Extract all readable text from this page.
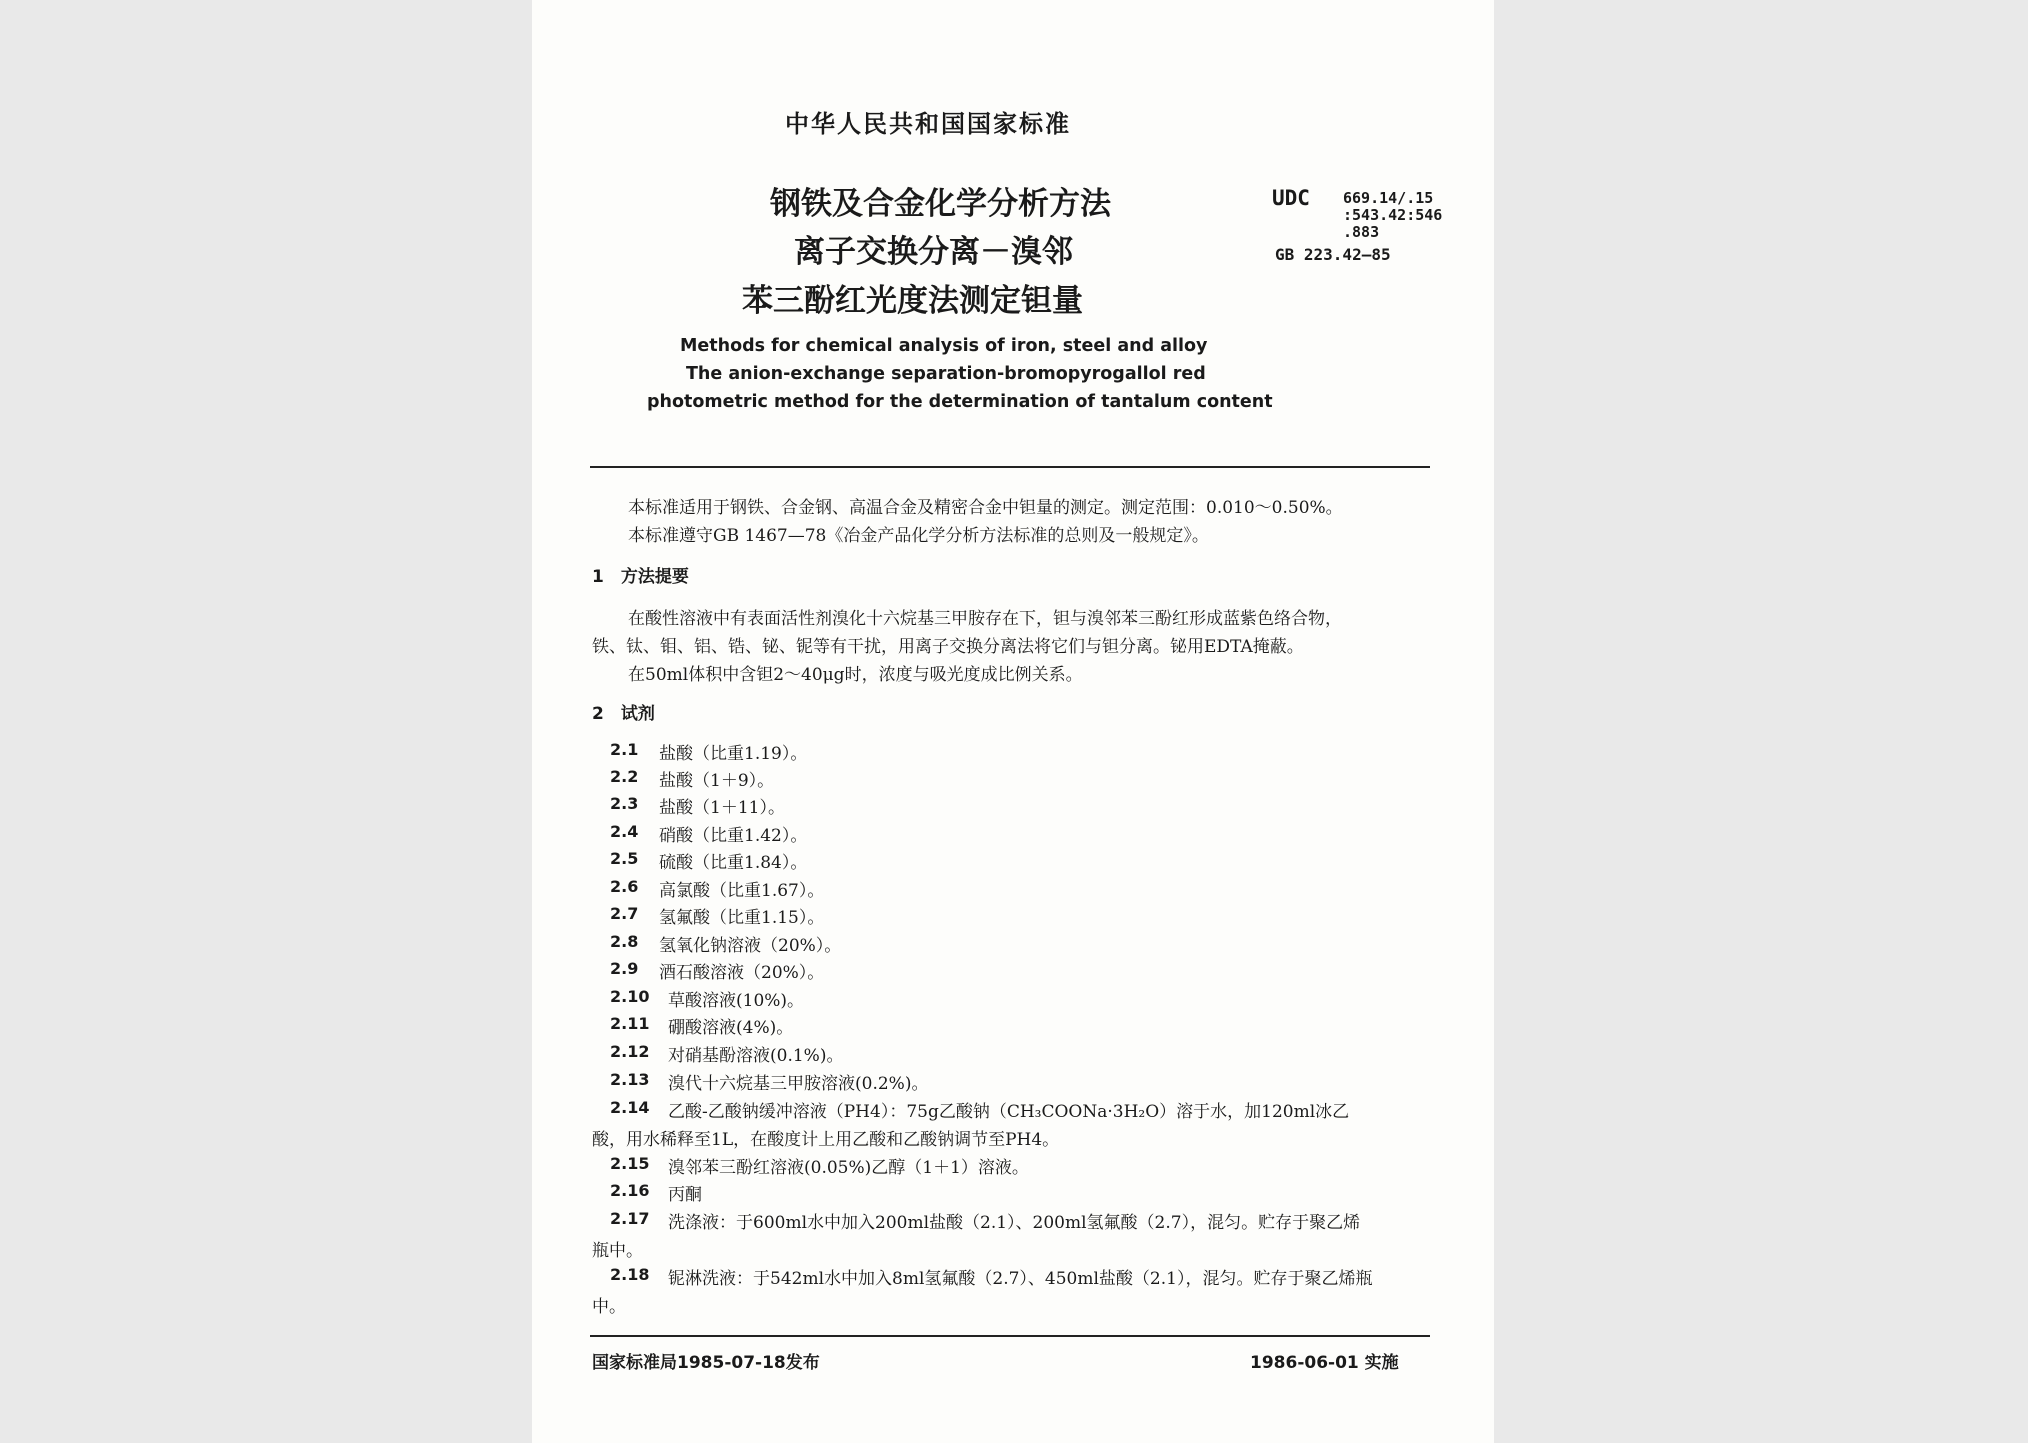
中华人民共和国国家标准
钢铁及合金化学分析方法
离子交换分离－溴邻
苯三酚红光度法测定钽量
UDC 669.14/.15
:543.42:546
.883
GB 223.42—85
Methods for chemical analysis of iron, steel and alloy
The anion-exchange separation-bromopyrogallol red
photometric method for the determination of tantalum content
本标准适用于钢铁、合金钢、高温合金及精密合金中钽量的测定。测定范围：0.010～0.50%。
本标准遵守GB 1467—78《冶金产品化学分析方法标准的总则及一般规定》。
1　方法提要
在酸性溶液中有表面活性剂溴化十六烷基三甲胺存在下，钽与溴邻苯三酚红形成蓝紫色络合物，
铁、钛、钼、铝、锆、铋、铌等有干扰，用离子交换分离法将它们与钽分离。铋用EDTA掩蔽。
在50ml体积中含钽2～40μg时，浓度与吸光度成比例关系。
2　试剂
2.1 盐酸（比重1.19）。
2.2 盐酸（1＋9）。
2.3 盐酸（1＋11）。
2.4 硝酸（比重1.42）。
2.5 硫酸（比重1.84）。
2.6 高氯酸（比重1.67）。
2.7 氢氟酸（比重1.15）。
2.8 氢氧化钠溶液（20%）。
2.9 酒石酸溶液（20%）。
2.10 草酸溶液(10%)。
2.11 硼酸溶液(4%)。
2.12 对硝基酚溶液(0.1%)。
2.13 溴代十六烷基三甲胺溶液(0.2%)。
2.14 乙酸-乙酸钠缓冲溶液（PH4）：75g乙酸钠（CH₃COONa·3H₂O）溶于水，加120ml冰乙
酸，用水稀释至1L，在酸度计上用乙酸和乙酸钠调节至PH4。
2.15 溴邻苯三酚红溶液(0.05%)乙醇（1＋1）溶液。
2.16 丙酮
2.17 洗涤液：于600ml水中加入200ml盐酸（2.1）、200ml氢氟酸（2.7），混匀。贮存于聚乙烯
瓶中。
2.18 铌淋洗液：于542ml水中加入8ml氢氟酸（2.7）、450ml盐酸（2.1），混匀。贮存于聚乙烯瓶
中。
国家标准局1985-07-18发布	1986-06-01 实施
